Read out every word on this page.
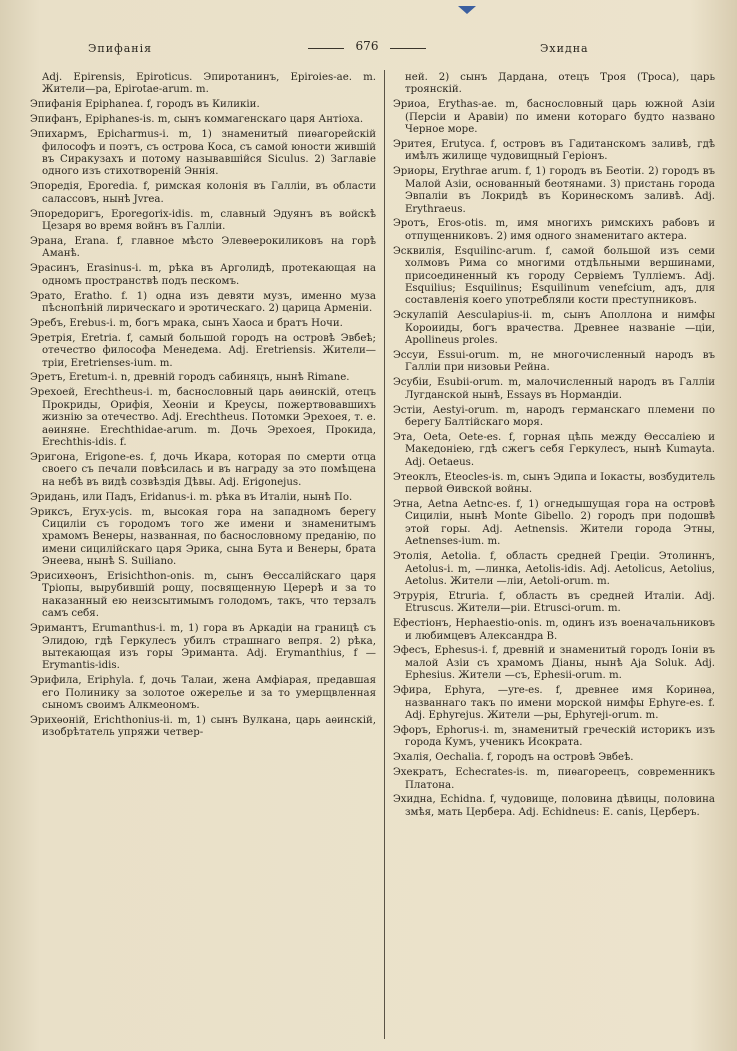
Эпифанія	676	Эхидна

Adj. Epirensis, Epiroticus. Эпиротанинъ, Epiroies-ae. m. Жители—ра, Epirotae-arum. m.

Эпифанія Epiphanea. f, городъ въ Киликіи.

Эпифанъ, Epiphanes-is. m, сынъ коммагенскаго царя Антіоха.

Эпихармъ, Epicharmus-i. m, 1) знаменитый пиѳагорейскій философъ и поэтъ, съ острова Коса, съ самой юности жившій въ Сиракузахъ и потому называвшійся Siculus. 2) Заглавіе одного изъ стихотвореній Эннія.

Эпоредія, Eporedia. f, римская колонія въ Галліи, въ области салассовъ, нынѣ Jvrea.

Эпоредоригъ, Eporegorix-idis. m, славный Эдуянъ въ войскѣ Цезаря во время войнъ въ Галліи.

Эрана, Erana. f, главное мѣсто Элевѳерокиликовъ на горѣ Аманѣ.

Эрасинъ, Erasinus-i. m, рѣка въ Арголидѣ, протекающая на одномъ пространствѣ подъ пескомъ.

Эрато, Eratho. f. 1) одна изъ девяти музъ, именно муза пѣснопѣній лирическаго и эротическаго. 2) царица Арменіи.

Эребъ, Erebus-i. m, богъ мрака, сынъ Хаоса и братъ Ночи.

Эретрія, Eretria. f, самый большой городъ на островѣ Эвбеѣ; отечество философа Менедема. Adj. Eretriensis. Жители—тріи, Eretrienses-ium. m.

Эретъ, Eretum-i. n, древній городъ сабиняцъ, нынѣ Rimane.

Эрехоей, Erechtheus-i. m, баснословный царь аѳинскій, отецъ Прокриды, Орифія, Хеоніи и Креусы, пожертвовавшихъ жизнію за отечество. Adj. Erechtheus. Потомки Эрехоея, т. е. аѳиняне. Erechthidae-arum. m. Дочь Эрехоея, Прокида, Erechthis-idis. f.

Эригона, Erigone-es. f, дочь Икара, которая по смерти отца своего съ печали повѣсилась и въ награду за это помѣщена на небѣ въ видѣ созвѣздія Дѣвы. Adj. Erigonejus.

Эридань, или Падъ, Eridanus-i. m. рѣка въ Италіи, нынѣ По.

Эриксъ, Eryx-ycis. m, высокая гора на западномъ берегу Сициліи съ городомъ того же имени и знаменитымъ храмомъ Венеры, названная, по баснословному преданію, по имени сицилійскаго царя Эрика, сына Бута и Венеры, брата Энеева, нынѣ S. Suiliano.

Эрисихѳонъ, Erisichthon-onis. m, сынъ Ѳессалійскаго царя Тріопы, вырубившій рощу, посвященную Церерѣ и за то наказанный ею неизсытимымъ голодомъ, такъ, что терзалъ самъ себя.

Эримантъ, Erumanthus-i. m, 1) гора въ Аркадіи на границѣ съ Элидою, гдѣ Геркулесъ убилъ страшнаго вепря. 2) рѣка, вытекающая изъ горы Эриманта. Adj. Erymanthius, f — Erymantis-idis.

Эрифила, Eriphyla. f, дочь Талаи, жена Амфіарая, предавшая его Полинику за золотое ожерелье и за то умерщвленная сыномъ своимъ Алкмеономъ.

Эрихѳоній, Erichthonius-ii. m, 1) сынъ Вулкана, царь аѳинскій, изобрѣтатель упряжи четвер-

ней. 2) сынъ Дардана, отецъ Троя (Троса), царь троянскій.

Эриоа, Erythas-ae. m, баснословный царь южной Азіи (Персіи и Аравіи) по имени котораго будто названо Черное море.

Эритея, Erutyca. f, островъ въ Гадитанскомъ заливѣ, гдѣ имѣлъ жилище чудовищный Геріонъ.

Эриоры, Erythrae arum. f, 1) городъ въ Беотіи. 2) городъ въ Малой Азіи, основанный беотянами. 3) пристань города Эвпаліи въ Локридѣ въ Коринѳскомъ заливѣ. Adj. Erythraeus.

Эротъ, Eros-otis. m, имя многихъ римскихъ рабовъ и отпущенниковъ. 2) имя одного знаменитаго актера.

Эсквилія, Esquilinc-arum. f, самой большой изъ семи холмовъ Рима со многими отдѣльными вершинами, присоединенный къ городу Сервіемъ Тулліемъ. Adj. Esquilius; Esquilinus; Esquilinum venefcium, адъ, для составленія коего употребляли кости преступниковъ.

Эскулапій Aesculapius-ii. m, сынъ Аполлона и нимфы Короииды, богъ врачества. Древнее названіе —ціи, Apollineus proles.

Эссуи, Essui-orum. m, не многочисленный народъ въ Галліи при низовьи Рейна.

Эсубіи, Esubii-orum. m, малочисленный народъ въ Галліи Лугданской нынѣ, Essays въ Нормандіи.

Эстіи, Aestyi-orum. m, народъ германскаго племени по берегу Балтійскаго моря.

Эта, Oeta, Oete-es. f, горная цѣпь между Ѳессаліею и Македоніею, гдѣ сжегъ себя Геркулесъ, нынѣ Kumayta. Adj. Oetaeus.

Этеоклъ, Eteocles-is. m, сынъ Эдипа и Іокасты, возбудитель первой Ѳивской войны.

Этна, Aetna Aetnc-es. f, 1) огнедышущая гора на островѣ Сициліи, нынѣ Monte Gibello. 2) городъ при подошвѣ этой горы. Adj. Aetnensis. Жители города Этны, Aetnenses-ium. m.

Этолія, Aetolia. f, область средней Греціи. Этолиннъ, Aetolus-i. m, —линка, Aetolis-idis. Adj. Aetolicus, Aetolius, Aetolus. Жители —ліи, Aetoli-orum. m.

Этрурія, Etruria. f, область въ средней Италіи. Adj. Etruscus. Жители—ріи. Etrusci-orum. m.

Ефестіонъ, Hephaestio-onis. m, одинъ изъ военачальниковъ и любимцевъ Александра В.

Эфесъ, Ephesus-i. f, древній и знаменитый городъ Іоніи въ малой Азіи съ храмомъ Діаны, нынѣ Aja Soluk. Adj. Ephesius. Жители —съ, Ephesii-orum. m.

Эфира, Ephyra, —yre-es. f, древнее имя Коринѳа, названнаго такъ по имени морской нимфы Ephyre-es. f. Adj. Ephyrejus. Жители —ры, Ephyreji-orum. m.

Эфоръ, Ephorus-i. m, знаменитый греческій историкъ изъ города Кумъ, ученикъ Исократа.

Эхалія, Oechalia. f, городъ на островѣ Эвбеѣ.

Эхекратъ, Echecrates-is. m, пиѳагореецъ, современникъ Платона.

Эхидна, Echidna. f, чудовище, половина дѣвицы, половина змѣя, мать Цербера. Adj. Echidneus: E. canis, Церберъ.
